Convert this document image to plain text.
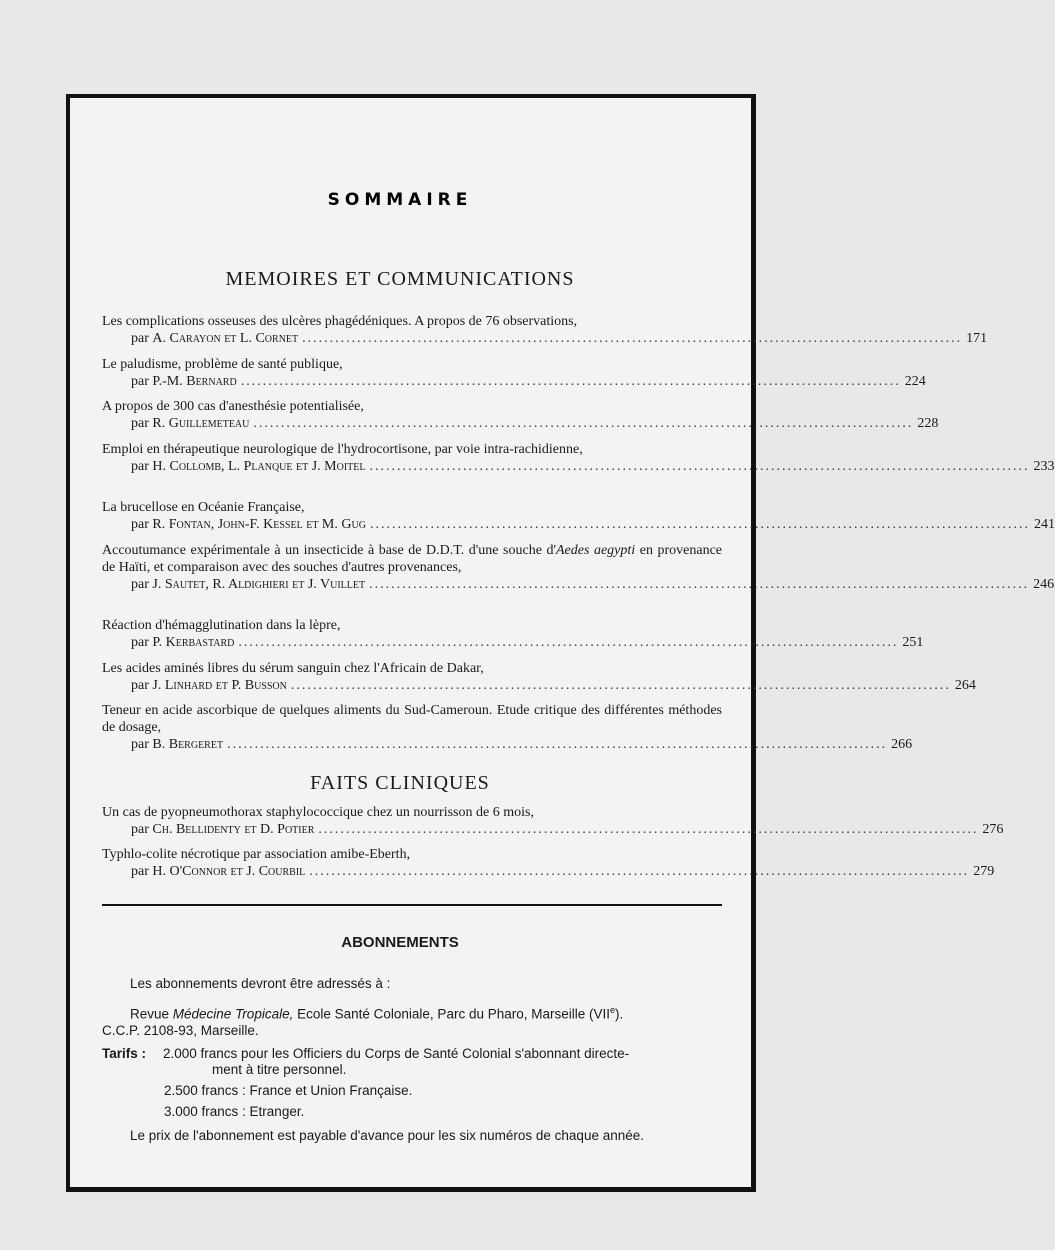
SOMMAIRE
MEMOIRES ET COMMUNICATIONS
Les complications osseuses des ulcères phagédéniques. A propos de 76 observations,
par A. Carayon et L. Cornet ........................................................................................................................ 171
Le paludisme, problème de santé publique,
par P.-M. Bernard ........................................................................................................................ 224
A propos de 300 cas d'anesthésie potentialisée,
par R. Guillemeteau ........................................................................................................................ 228
Emploi en thérapeutique neurologique de l'hydrocortisone, par voie intra-rachidienne,
par H. Collomb, L. Planque et J. Moitel ........................................................................................................................ 233
La brucellose en Océanie Française,
par R. Fontan, John-F. Kessel et M. Gug ........................................................................................................................ 241
Accoutumance expérimentale à un insecticide à base de D.D.T. d'une souche d'Aedes aegypti en provenance de Haïti, et comparaison avec des souches d'autres provenances,
par J. Sautet, R. Aldighieri et J. Vuillet ........................................................................................................................ 246
Réaction d'hémagglutination dans la lèpre,
par P. Kerbastard ........................................................................................................................ 251
Les acides aminés libres du sérum sanguin chez l'Africain de Dakar,
par J. Linhard et P. Busson ........................................................................................................................ 264
Teneur en acide ascorbique de quelques aliments du Sud-Cameroun. Etude critique des différentes méthodes de dosage,
par B. Bergeret ........................................................................................................................ 266
FAITS CLINIQUES
Un cas de pyopneumothorax staphylococcique chez un nourrisson de 6 mois,
par Ch. Bellidenty et D. Potier ........................................................................................................................ 276
Typhlo-colite nécrotique par association amibe-Eberth,
par H. O'Connor et J. Courbil ........................................................................................................................ 279
ABONNEMENTS

Les abonnements devront être adressés à :

Revue Médecine Tropicale, Ecole Santé Coloniale, Parc du Pharo, Marseille (VIIe).

C.C.P. 2108-93, Marseille.

Tarifs :	2.000 francs pour les Officiers du Corps de Santé Colonial s'abonnant directe-

ment à titre personnel.

2.500 francs : France et Union Française.

3.000 francs : Etranger.

Le prix de l'abonnement est payable d'avance pour les six numéros de chaque année.
